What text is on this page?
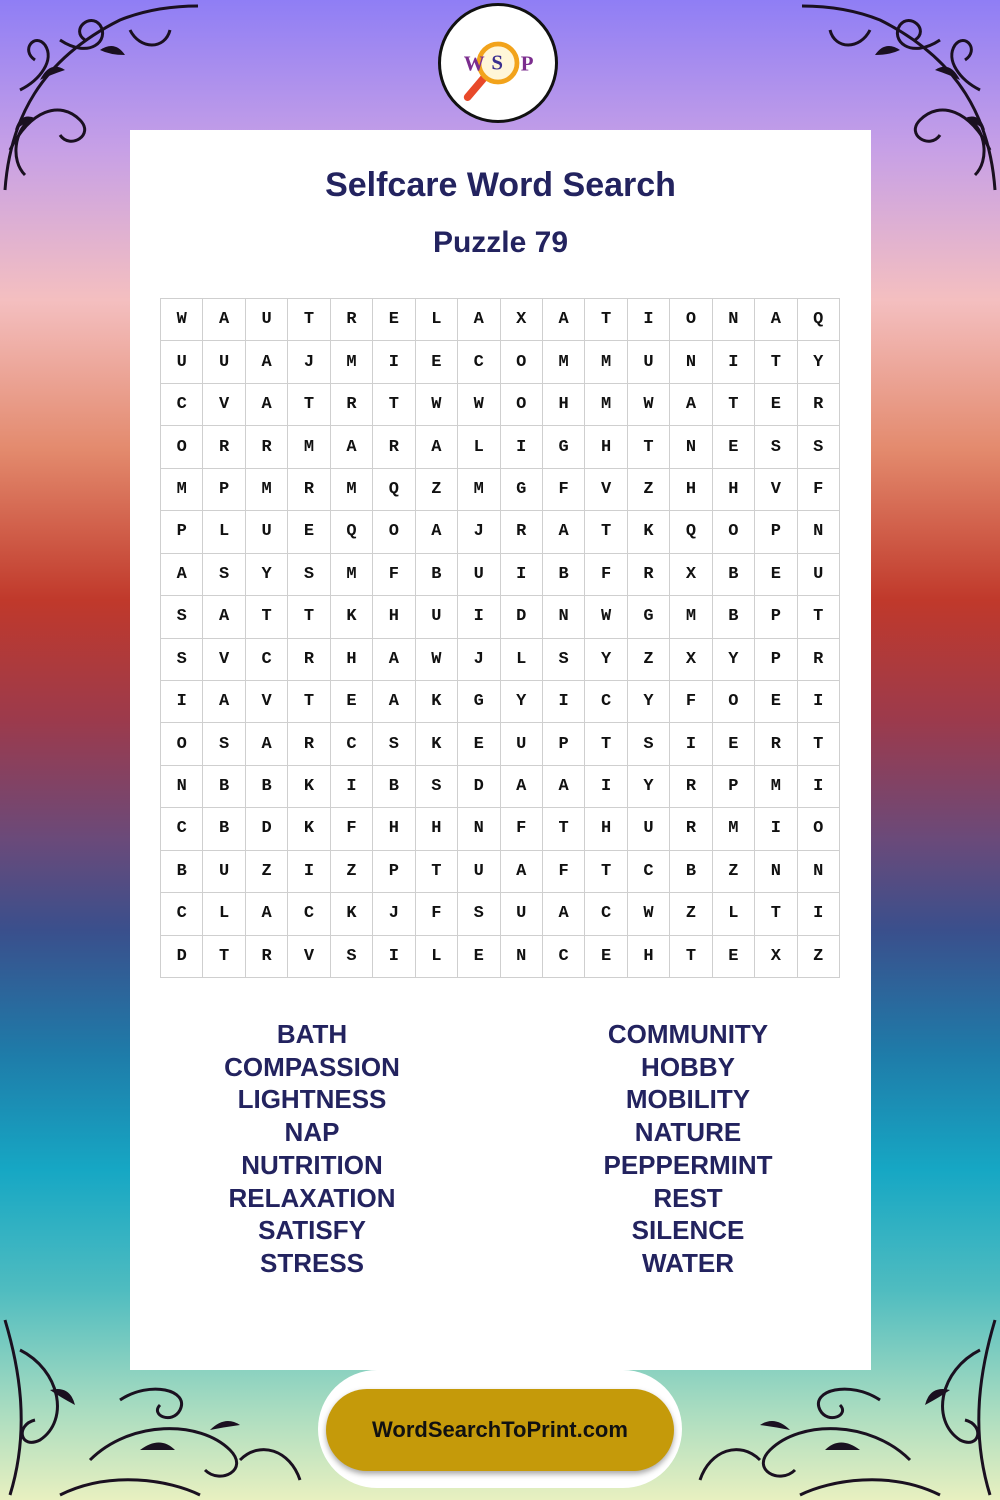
W S P
Selfcare Word Search
Puzzle 79
W	A	U	T	R	E	L	A	X	A	T	I	O	N	A	Q
U	U	A	J	M	I	E	C	O	M	M	U	N	I	T	Y
C	V	A	T	R	T	W	W	O	H	M	W	A	T	E	R
O	R	R	M	A	R	A	L	I	G	H	T	N	E	S	S
M	P	M	R	M	Q	Z	M	G	F	V	Z	H	H	V	F
P	L	U	E	Q	O	A	J	R	A	T	K	Q	O	P	N
A	S	Y	S	M	F	B	U	I	B	F	R	X	B	E	U
S	A	T	T	K	H	U	I	D	N	W	G	M	B	P	T
S	V	C	R	H	A	W	J	L	S	Y	Z	X	Y	P	R
I	A	V	T	E	A	K	G	Y	I	C	Y	F	O	E	I
O	S	A	R	C	S	K	E	U	P	T	S	I	E	R	T
N	B	B	K	I	B	S	D	A	A	I	Y	R	P	M	I
C	B	D	K	F	H	H	N	F	T	H	U	R	M	I	O
B	U	Z	I	Z	P	T	U	A	F	T	C	B	Z	N	N
C	L	A	C	K	J	F	S	U	A	C	W	Z	L	T	I
D	T	R	V	S	I	L	E	N	C	E	H	T	E	X	Z
BATH
COMPASSION
LIGHTNESS
NAP
NUTRITION
RELAXATION
SATISFY
STRESS
COMMUNITY
HOBBY
MOBILITY
NATURE
PEPPERMINT
REST
SILENCE
WATER
WordSearchToPrint.com
